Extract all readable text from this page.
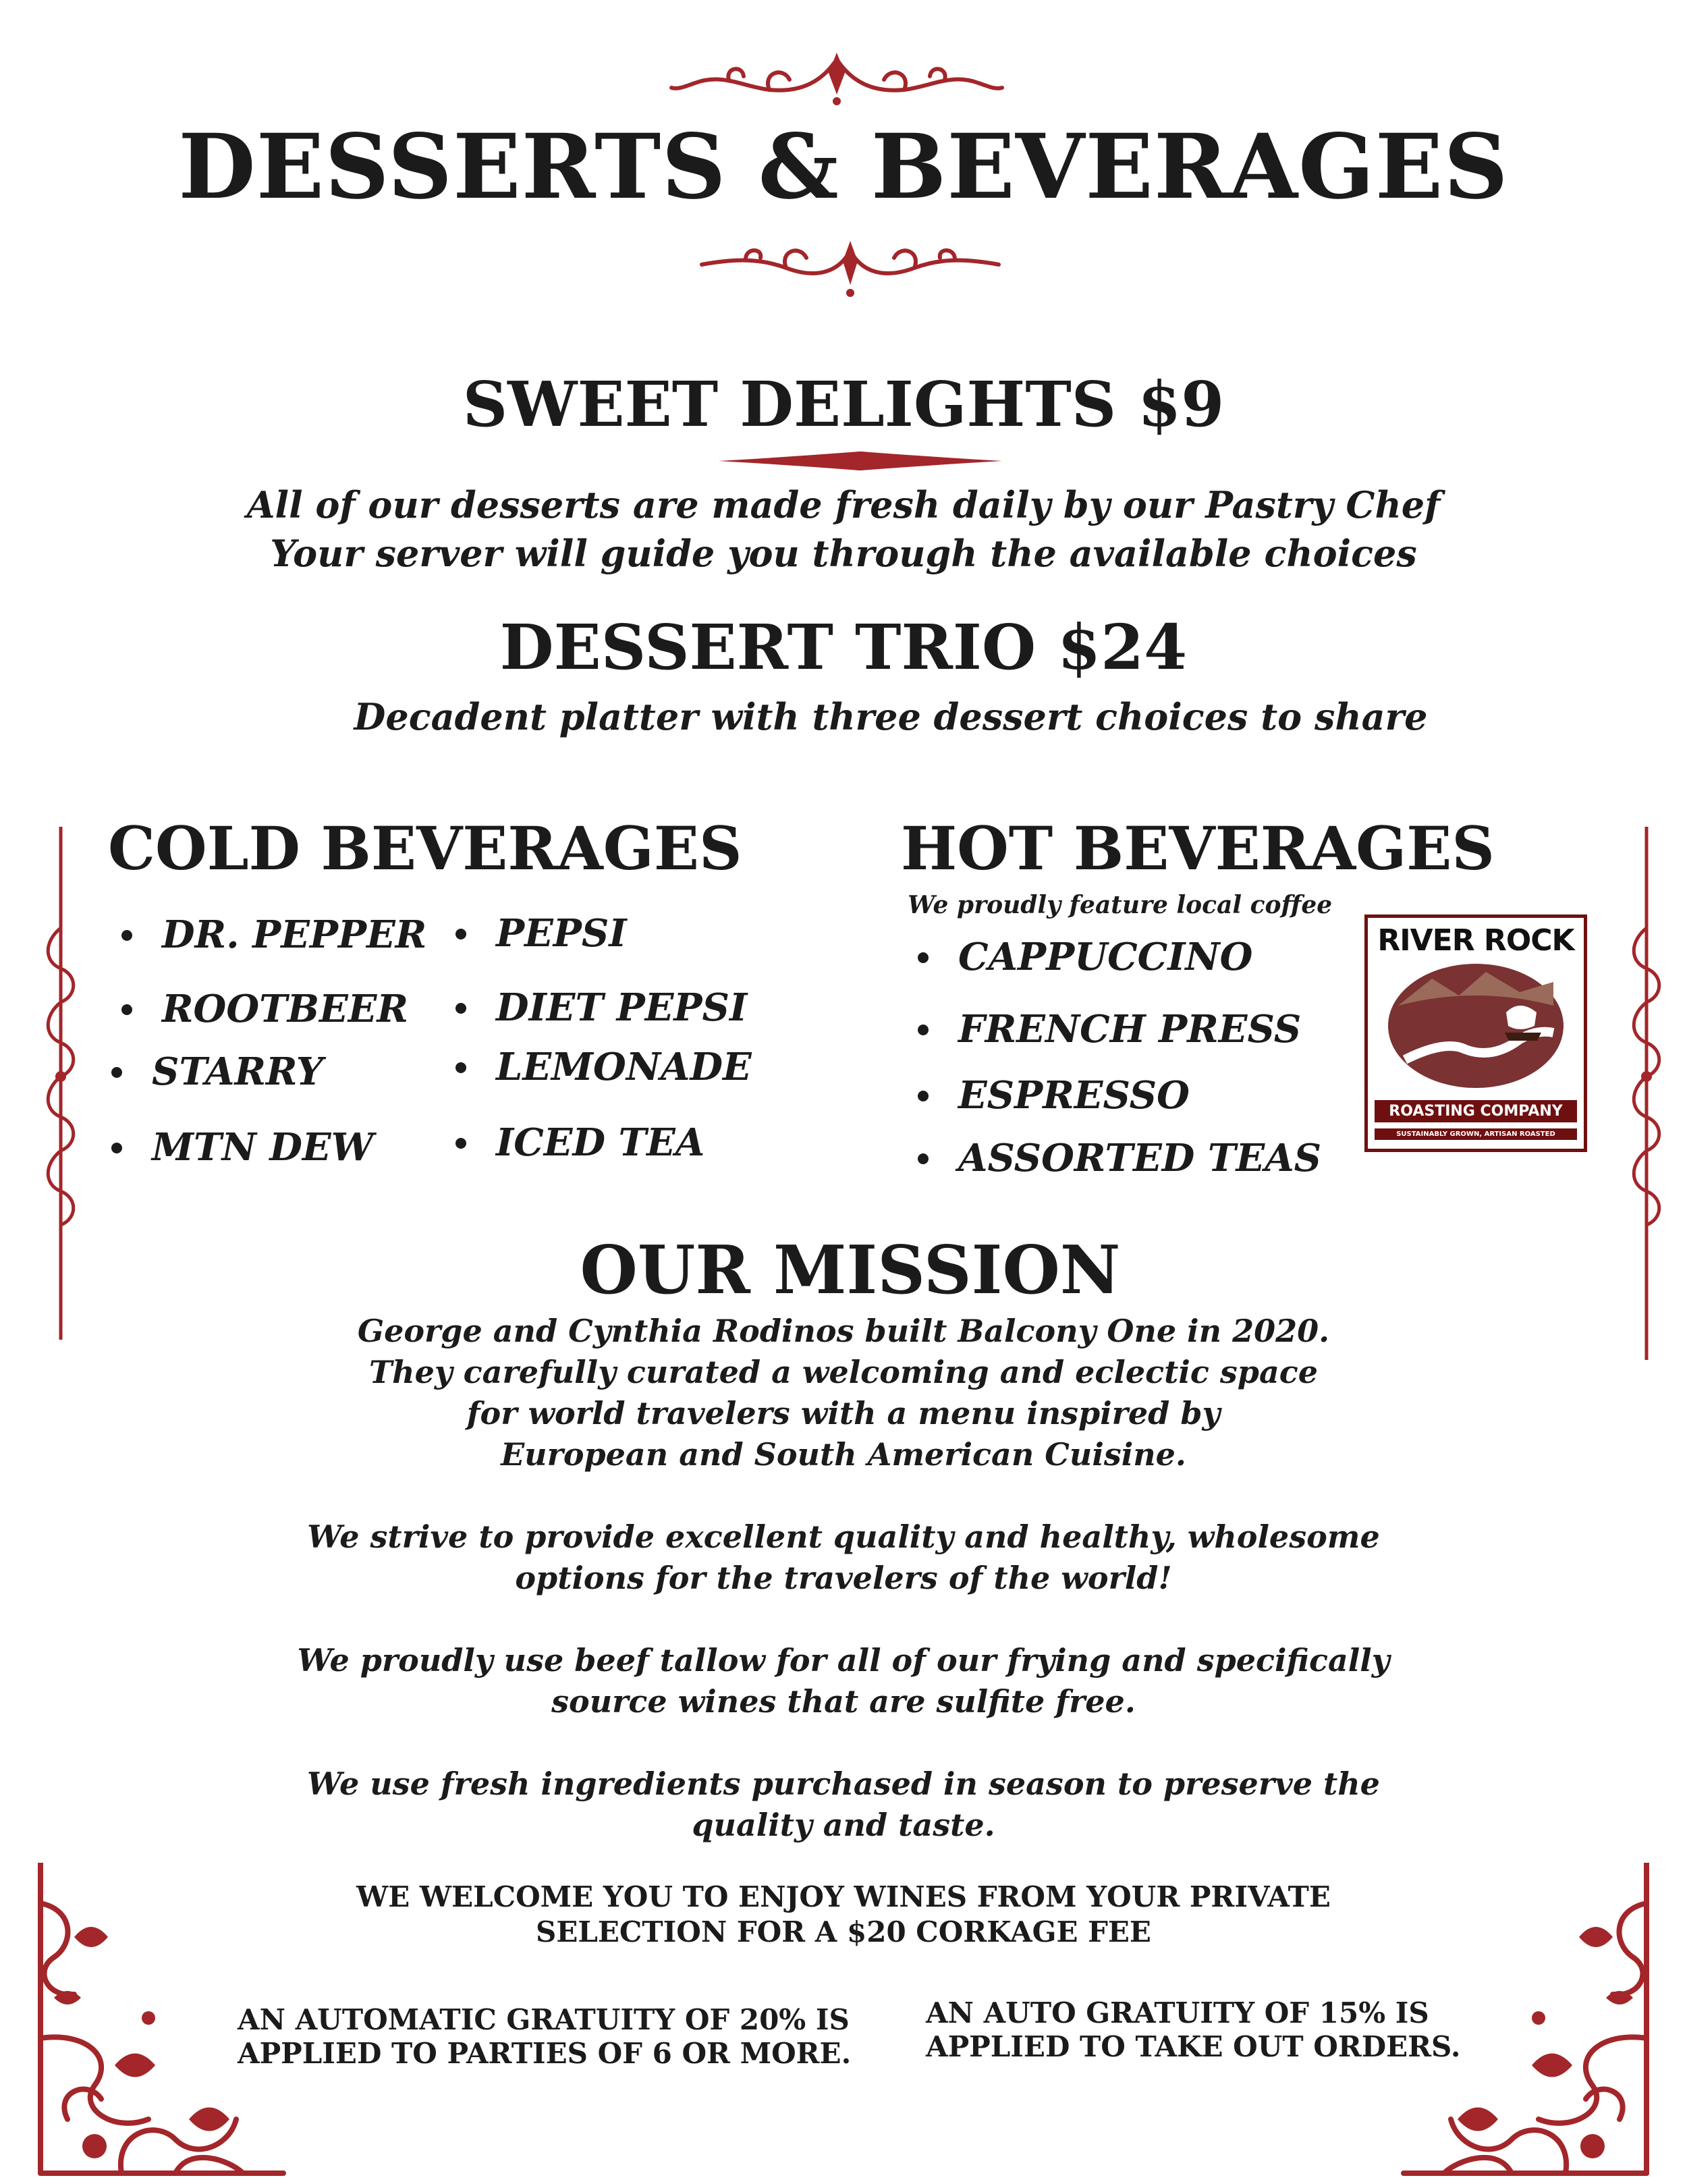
DESSERTS & BEVERAGES
SWEET DELIGHTS $9
All of our desserts are made fresh daily by our Pastry Chef
Your server will guide you through the available choices
DESSERT TRIO $24
Decadent platter with three dessert choices to share
COLD BEVERAGES
DR. PEPPER
ROOTBEER
STARRY
MTN DEW
PEPSI
DIET PEPSI
LEMONADE
ICED TEA
HOT BEVERAGES
We proudly feature local coffee
CAPPUCCINO
FRENCH PRESS
ESPRESSO
ASSORTED TEAS
RIVER ROCK
ROASTING COMPANY
SUSTAINABLY GROWN, ARTISAN ROASTED
OUR MISSION

George and Cynthia Rodinos built Balcony One in 2020.
They carefully curated a welcoming and eclectic space
for world travelers with a menu inspired by
European and South American Cuisine.

We strive to provide excellent quality and healthy, wholesome
options for the travelers of the world!

We proudly use beef tallow for all of our frying and specifically
source wines that are sulfite free.

We use fresh ingredients purchased in season to preserve the
quality and taste.

WE WELCOME YOU TO ENJOY WINES FROM YOUR PRIVATE
SELECTION FOR A $20 CORKAGE FEE
AN AUTOMATIC GRATUITY OF 20% IS
APPLIED TO PARTIES OF 6 OR MORE.
AN AUTO GRATUITY OF 15% IS
APPLIED TO TAKE OUT ORDERS.
